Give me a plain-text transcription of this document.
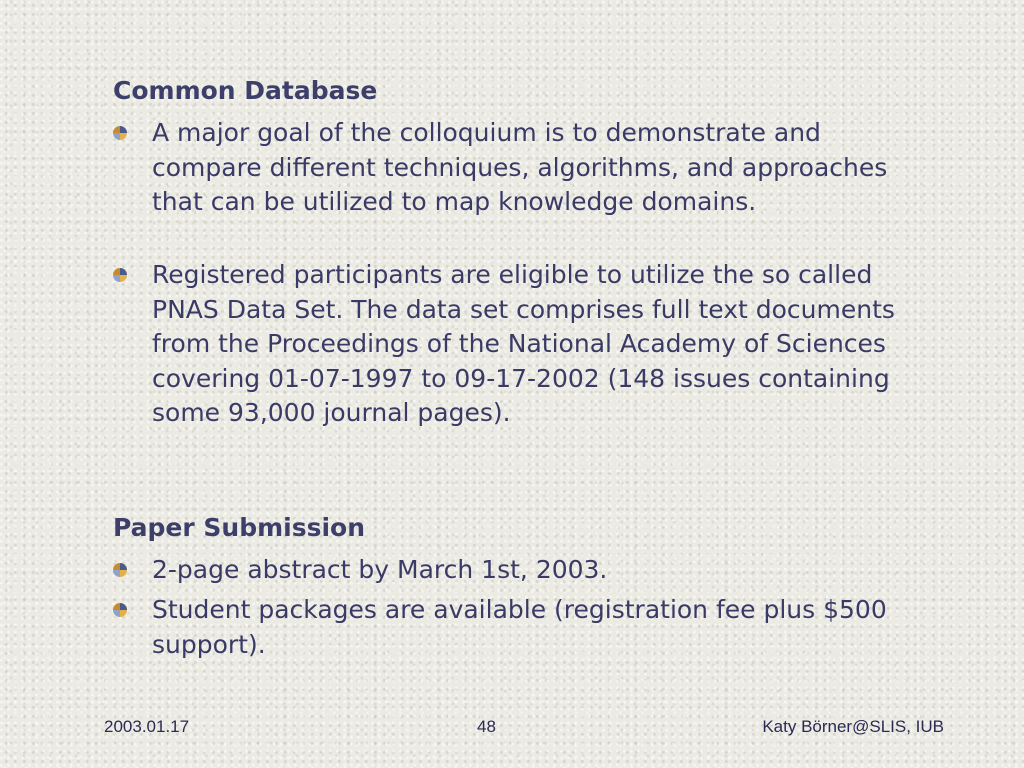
Common Database
A major goal of the colloquium is to demonstrate and compare different techniques, algorithms, and approaches that can be utilized to map knowledge domains.
Registered participants are eligible to utilize the so called PNAS Data Set. The data set comprises full text documents from the Proceedings of the National Academy of Sciences covering 01-07-1997 to 09-17-2002 (148 issues containing some 93,000 journal pages).
Paper Submission
2-page abstract by March 1st, 2003.
Student packages are available (registration fee plus $500 support).
2003.01.17	48	Katy Börner@SLIS, IUB
